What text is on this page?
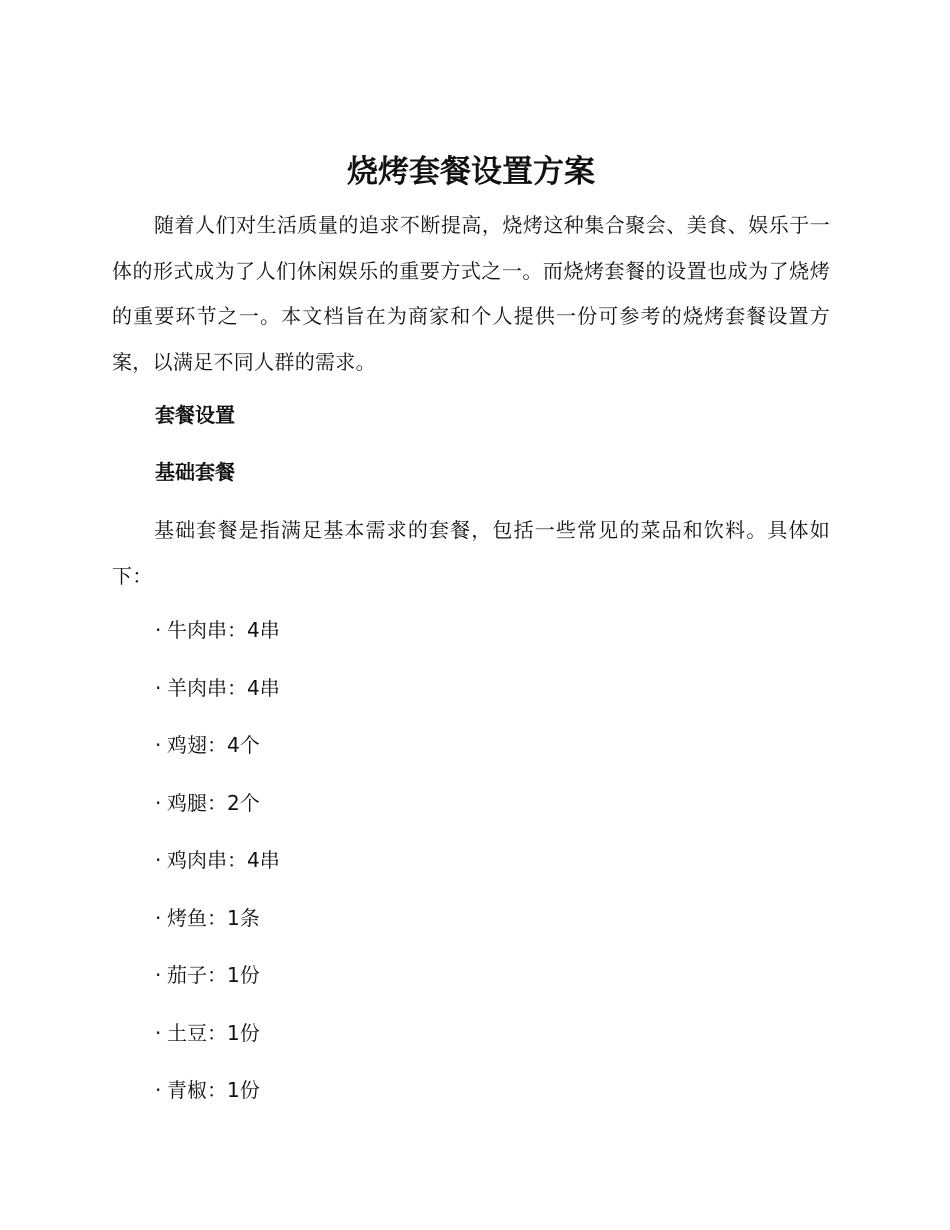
烧烤套餐设置方案

随着人们对生活质量的追求不断提高，烧烤这种集合聚会、美食、娱乐于一体的形式成为了人们休闲娱乐的重要方式之一。而烧烤套餐的设置也成为了烧烤的重要环节之一。本文档旨在为商家和个人提供一份可参考的烧烤套餐设置方案，以满足不同人群的需求。

套餐设置
基础套餐

基础套餐是指满足基本需求的套餐，包括一些常见的菜品和饮料。具体如下：

· 牛肉串：4串
· 羊肉串：4串
· 鸡翅：4个
· 鸡腿：2个
· 鸡肉串：4串
· 烤鱼：1条
· 茄子：1份
· 土豆：1份
· 青椒：1份
